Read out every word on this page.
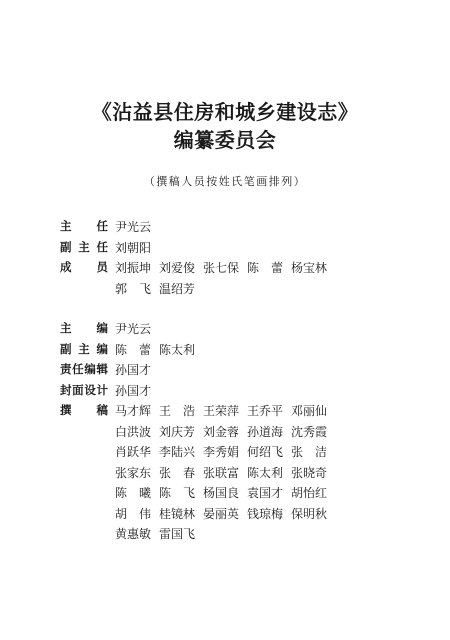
《沾益县住房和城乡建设志》
编纂委员会
（撰稿人员按姓氏笔画排列）
主 任 尹光云
副 主 任 刘朝阳
成 员 刘振坤 刘爱俊 张七保 陈　蕾 杨宝林
郭　飞 温绍芳
主 编 尹光云
副 主 编 陈　蕾 陈太利
责 任 编 辑 孙国才
封 面 设 计 孙国才
撰 稿 马才辉 王　浩 王荣萍 王乔平 邓丽仙
白洪波 刘庆芳 刘金蓉 孙道海 沈秀霞
肖跃华 李陆兴 李秀娟 何绍飞 张　洁
张家东 张　春 张联富 陈太利 张晓奇
陈　曦 陈　飞 杨国良 袁国才 胡怡红
胡　伟 桂镜林 晏丽英 钱琼梅 保明秋
黄惠敏 雷国飞
